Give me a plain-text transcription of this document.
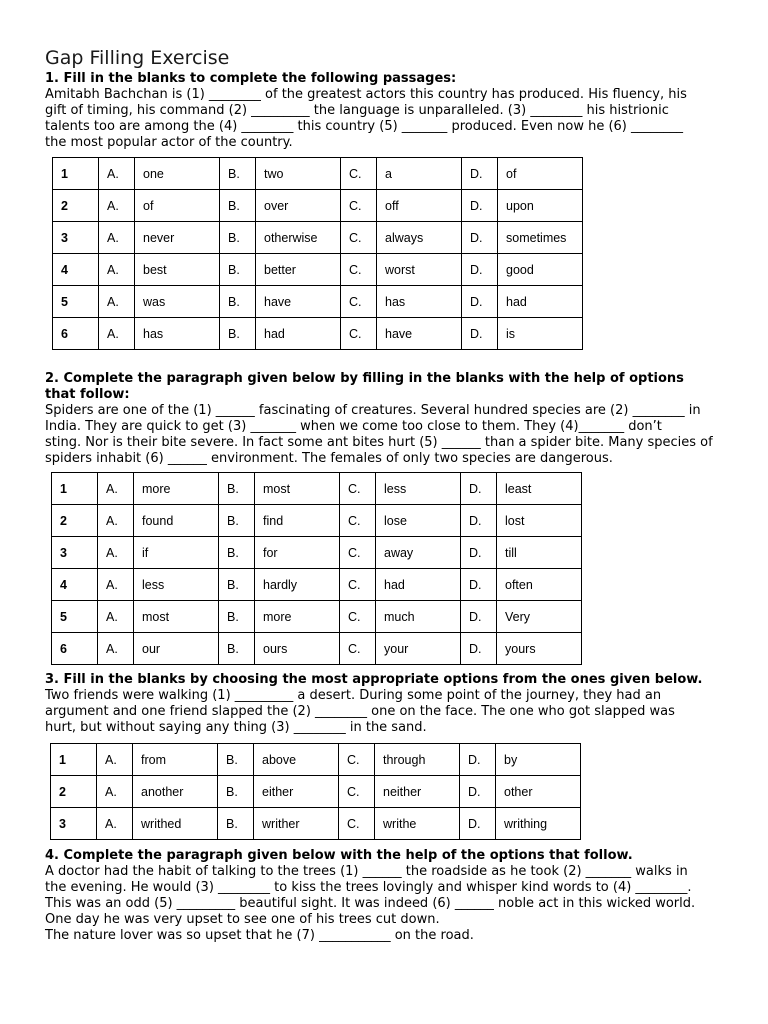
Gap Filling Exercise
1. Fill in the blanks to complete the following passages:
Amitabh Bachchan is (1) ________ of the greatest actors this country has produced. His fluency, his
gift of timing, his command (2) _________ the language is unparalleled. (3) ________ his histrionic
talents too are among the (4) ________ this country (5) _______ produced. Even now he (6) ________
the most popular actor of the country.
1	A.	one	B.	two	C.	a	D.	of
2	A.	of	B.	over	C.	off	D.	upon
3	A.	never	B.	otherwise	C.	always	D.	sometimes
4	A.	best	B.	better	C.	worst	D.	good
5	A.	was	B.	have	C.	has	D.	had
6	A.	has	B.	had	C.	have	D.	is
2. Complete the paragraph given below by filling in the blanks with the help of options
that follow:
Spiders are one of the (1) ______ fascinating of creatures. Several hundred species are (2) ________ in
India. They are quick to get (3) _______ when we come too close to them. They (4)_______ don’t
sting. Nor is their bite severe. In fact some ant bites hurt (5) ______ than a spider bite. Many species of
spiders inhabit (6) ______ environment. The females of only two species are dangerous.
1	A.	more	B.	most	C.	less	D.	least
2	A.	found	B.	find	C.	lose	D.	lost
3	A.	if	B.	for	C.	away	D.	till
4	A.	less	B.	hardly	C.	had	D.	often
5	A.	most	B.	more	C.	much	D.	Very
6	A.	our	B.	ours	C.	your	D.	yours
3. Fill in the blanks by choosing the most appropriate options from the ones given below.
Two friends were walking (1) _________ a desert. During some point of the journey, they had an
argument and one friend slapped the (2) ________ one on the face. The one who got slapped was
hurt, but without saying any thing (3) ________ in the sand.
1	A.	from	B.	above	C.	through	D.	by
2	A.	another	B.	either	C.	neither	D.	other
3	A.	writhed	B.	writher	C.	writhe	D.	writhing
4. Complete the paragraph given below with the help of the options that follow.
A doctor had the habit of talking to the trees (1) ______ the roadside as he took (2) _______ walks in
the evening. He would (3) ________ to kiss the trees lovingly and whisper kind words to (4) ________.
This was an odd (5) _________ beautiful sight. It was indeed (6) ______ noble act in this wicked world.
One day he was very upset to see one of his trees cut down.
The nature lover was so upset that he (7) ___________ on the road.
